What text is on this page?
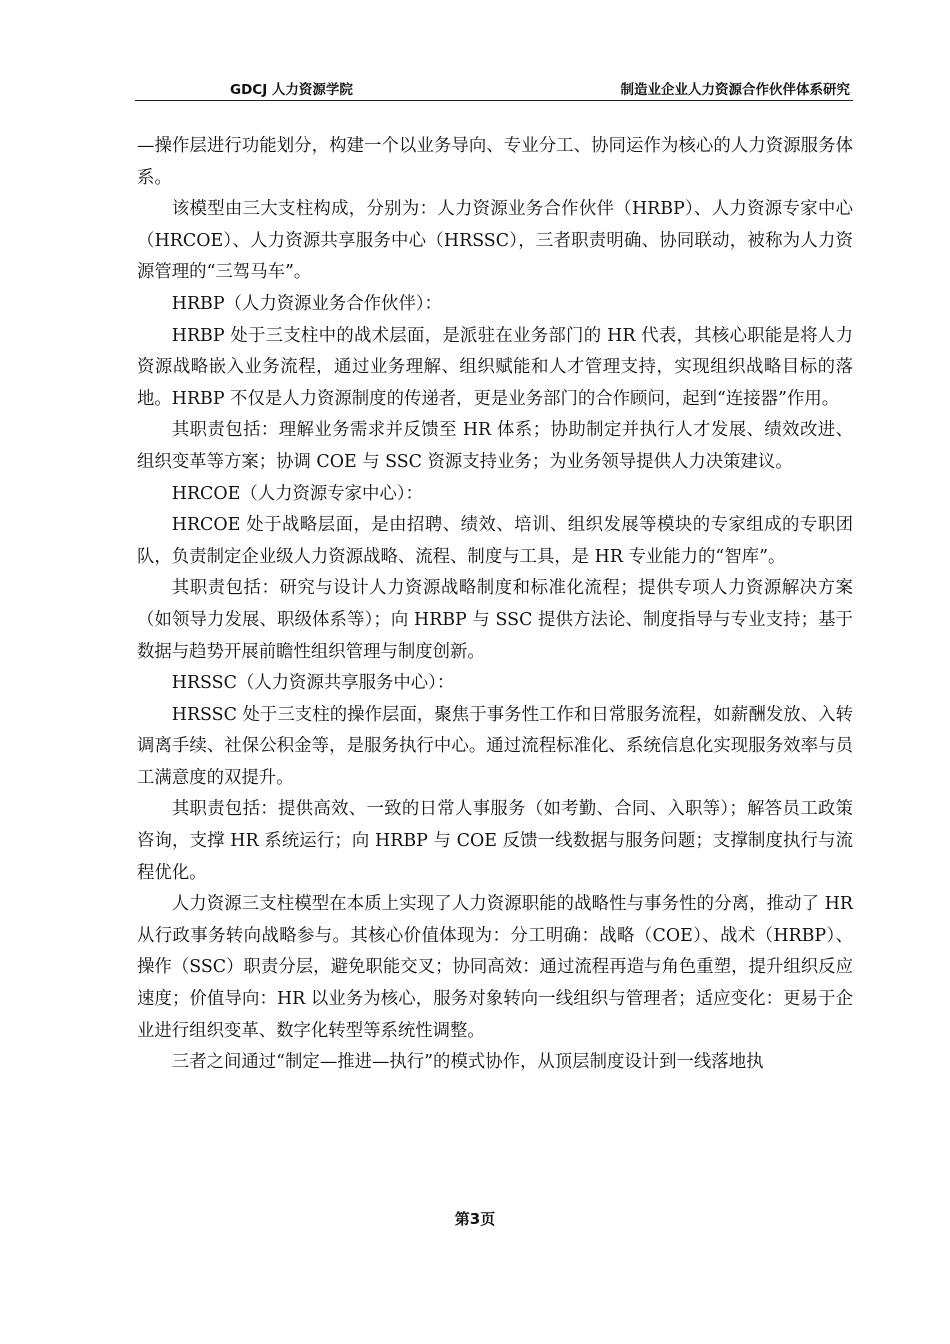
GDCJ 人力资源学院	制造业企业人力资源合作伙伴体系研究

—操作层进行功能划分，构建一个以业务导向、专业分工、协同运作为核心的人力资源服务体系。

该模型由三大支柱构成，分别为：人力资源业务合作伙伴（HRBP）、人力资源专家中心（HRCOE）、人力资源共享服务中心（HRSSC），三者职责明确、协同联动，被称为人力资源管理的“三驾马车”。

HRBP（人力资源业务合作伙伴）：

HRBP 处于三支柱中的战术层面，是派驻在业务部门的 HR 代表，其核心职能是将人力资源战略嵌入业务流程，通过业务理解、组织赋能和人才管理支持，实现组织战略目标的落地。HRBP 不仅是人力资源制度的传递者，更是业务部门的合作顾问，起到“连接器”作用。

其职责包括：理解业务需求并反馈至 HR 体系；协助制定并执行人才发展、绩效改进、组织变革等方案；协调 COE 与 SSC 资源支持业务；为业务领导提供人力决策建议。

HRCOE（人力资源专家中心）：

HRCOE 处于战略层面，是由招聘、绩效、培训、组织发展等模块的专家组成的专职团队，负责制定企业级人力资源战略、流程、制度与工具，是 HR 专业能力的“智库”。

其职责包括：研究与设计人力资源战略制度和标准化流程；提供专项人力资源解决方案（如领导力发展、职级体系等）；向 HRBP 与 SSC 提供方法论、制度指导与专业支持；基于数据与趋势开展前瞻性组织管理与制度创新。

HRSSC（人力资源共享服务中心）：

HRSSC 处于三支柱的操作层面，聚焦于事务性工作和日常服务流程，如薪酬发放、入转调离手续、社保公积金等，是服务执行中心。通过流程标准化、系统信息化实现服务效率与员工满意度的双提升。

其职责包括：提供高效、一致的日常人事服务（如考勤、合同、入职等）；解答员工政策咨询，支撑 HR 系统运行；向 HRBP 与 COE 反馈一线数据与服务问题；支撑制度执行与流程优化。

人力资源三支柱模型在本质上实现了人力资源职能的战略性与事务性的分离，推动了 HR 从行政事务转向战略参与。其核心价值体现为：分工明确：战略（COE）、战术（HRBP）、操作（SSC）职责分层，避免职能交叉；协同高效：通过流程再造与角色重塑，提升组织反应速度；价值导向：HR 以业务为核心，服务对象转向一线组织与管理者；适应变化：更易于企业进行组织变革、数字化转型等系统性调整。

三者之间通过“制定—推进—执行”的模式协作，从顶层制度设计到一线落地执

第3页
